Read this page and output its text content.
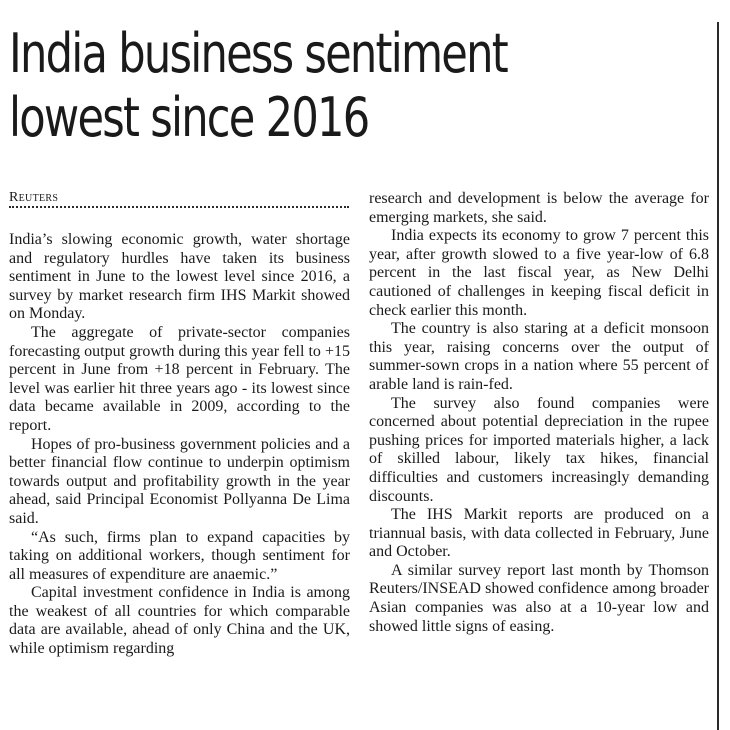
India business sentiment
lowest since 2016
Reuters

India’s slowing economic growth, water shortage and regulatory hurdles have taken its business sentiment in June to the lowest level since 2016, a survey by market research firm IHS Markit showed on Monday.

The aggregate of private-sector companies forecasting output growth during this year fell to +15 percent in June from +18 percent in February. The level was earlier hit three years ago - its lowest since data became available in 2009, according to the report.

Hopes of pro-business government policies and a better financial flow continue to underpin optimism towards output and profitability growth in the year ahead, said Principal Economist Pollyanna De Lima said.

“As such, firms plan to expand capacities by taking on additional workers, though sentiment for all measures of expenditure are anaemic.”

Capital investment confidence in India is among the weakest of all countries for which comparable data are available, ahead of only China and the UK, while optimism regarding

research and development is below the average for emerging markets, she said.

India expects its economy to grow 7 percent this year, after growth slowed to a five year-low of 6.8 percent in the last fiscal year, as New Delhi cautioned of challenges in keeping fiscal deficit in check earlier this month.

The country is also staring at a deficit monsoon this year, raising concerns over the output of summer-sown crops in a nation where 55 percent of arable land is rain-fed.

The survey also found companies were concerned about potential depreciation in the rupee pushing prices for imported materials higher, a lack of skilled labour, likely tax hikes, financial difficulties and customers increasingly demanding discounts.

The IHS Markit reports are produced on a triannual basis, with data collected in February, June and October.

A similar survey report last month by Thomson Reuters/INSEAD showed confidence among broader Asian companies was also at a 10-year low and showed little signs of easing.
